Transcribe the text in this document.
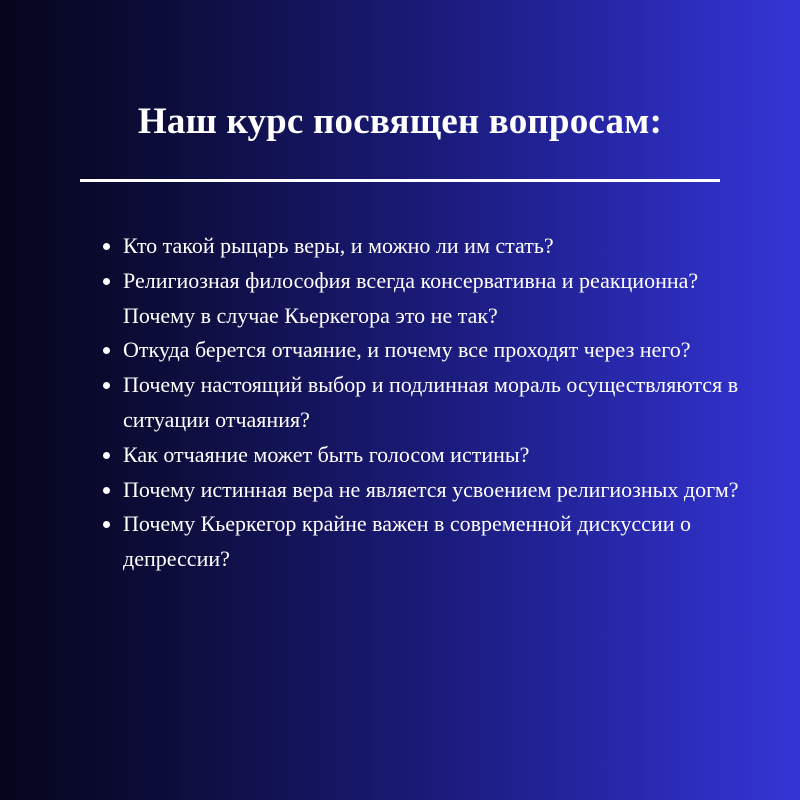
Наш курс посвящен вопросам:
Кто такой рыцарь веры, и можно ли им стать?
Религиозная философия всегда консервативна и реакционна? Почему в случае Кьеркегора это не так?
Откуда берется отчаяние, и почему все проходят через него?
Почему настоящий выбор и подлинная мораль осуществляются в ситуации отчаяния?
Как отчаяние может быть голосом истины?
Почему истинная вера не является усвоением религиозных догм?
Почему Кьеркегор крайне важен в современной дискуссии о депрессии?
